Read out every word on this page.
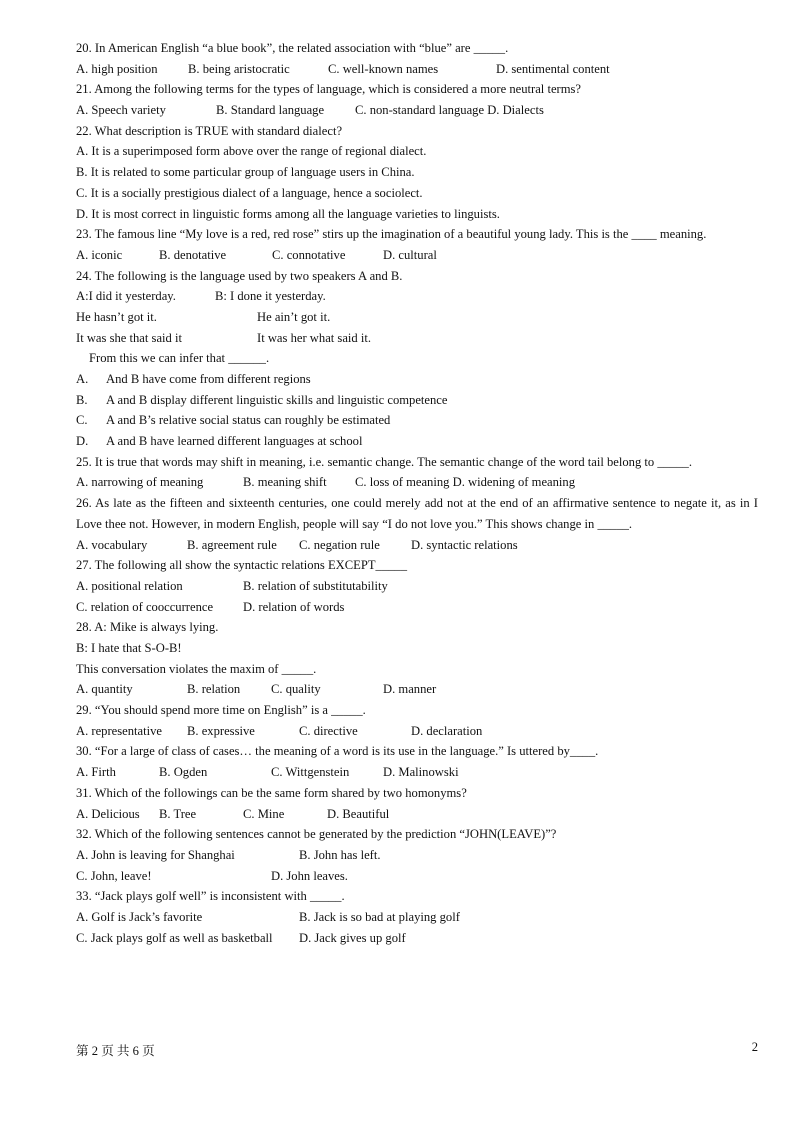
20. In American English “a blue book”, the related association with “blue” are _____.
A. high position B. being aristocratic	C. well-known names	D. sentimental content
21. Among the following terms for the types of language, which is considered a more neutral terms?
A. Speech variety	B. Standard language C. non-standard language D. Dialects
22. What description is TRUE with standard dialect?
A. It is a superimposed form above over the range of regional dialect.
B. It is related to some particular group of language users in China.
C. It is a socially prestigious dialect of a language, hence a sociolect.
D. It is most correct in linguistic forms among all the language varieties to linguists.
23. The famous line “My love is a red, red rose” stirs up the imagination of a beautiful young lady. This is the ____ meaning.
A. iconic	B. denotative	C. connotative	D. cultural
24. The following is the language used by two speakers A and B.
A:I did it yesterday.	B: I done it yesterday.
He hasn’t got it.	He ain’t got it.
It was she that said it	It was her what said it.
From this we can infer that ______.
A. And B have come from different regions
B. A and B display different linguistic skills and linguistic competence
C. A and B’s relative social status can roughly be estimated
D. A and B have learned different languages at school
25. It is true that words may shift in meaning, i.e. semantic change. The semantic change of the word tail belong to _____.
A. narrowing of meaning	B. meaning shift C. loss of meaning D. widening of meaning
26. As late as the fifteen and sixteenth centuries, one could merely add not at the end of an affirmative sentence to negate it, as in I Love thee not. However, in modern English, people will say “I do not love you.” This shows change in _____.
A. vocabulary	B. agreement rule C. negation rule D. syntactic relations
27. The following all show the syntactic relations EXCEPT_____
A. positional relation	B. relation of substitutability
C. relation of cooccurrence D. relation of words
28. A: Mike is always lying.
B: I hate that S-O-B!
This conversation violates the maxim of _____.
A. quantity	B. relation C. quality	D. manner
29. “You should spend more time on English” is a _____.
A. representative B. expressive	C. directive	D. declaration
30. “For a large of class of cases… the meaning of a word is its use in the language.” Is uttered by____.
A. Firth	B. Ogden	C. Wittgenstein	D. Malinowski
31. Which of the followings can be the same form shared by two homonyms?
A. Delicious B. Tree	C. Mine	D. Beautiful
32. Which of the following sentences cannot be generated by the prediction “JOHN(LEAVE)”?
A. John is leaving for Shanghai	B. John has left.
C. John, leave!	D. John leaves.
33. “Jack plays golf well” is inconsistent with _____.
A. Golf is Jack’s favorite	B. Jack is so bad at playing golf
C. Jack plays golf as well as basketball D. Jack gives up golf
第 2 页 共 6 页	2
